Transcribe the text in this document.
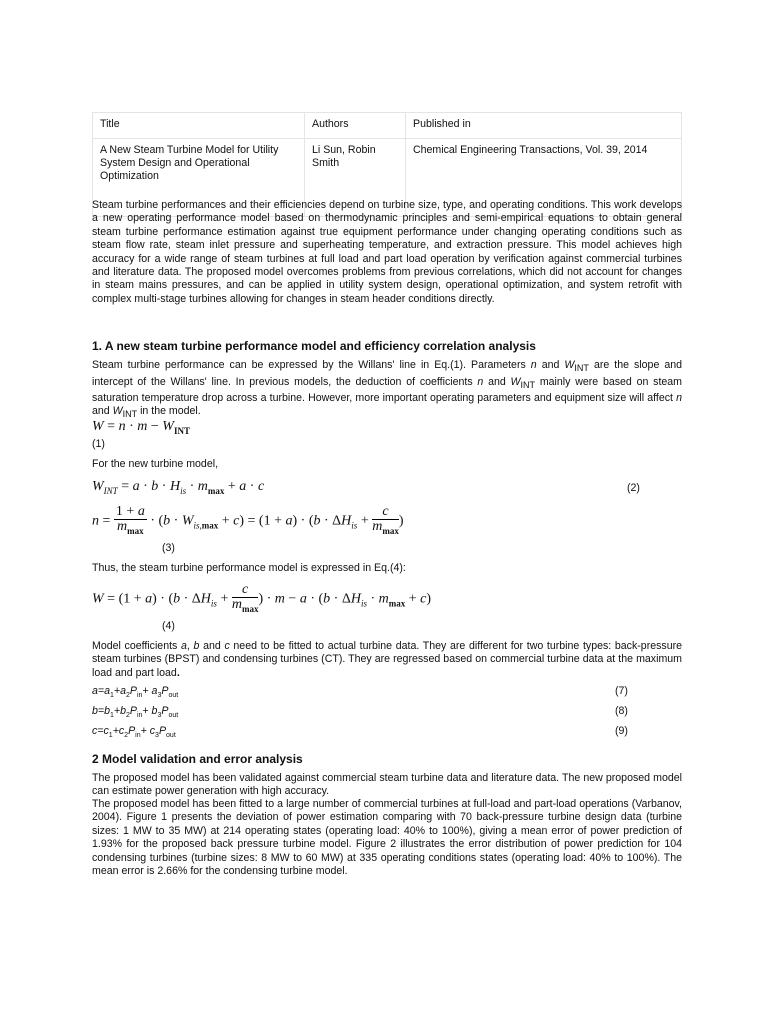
Title	Authors	Published in
A New Steam Turbine Model for Utility System Design and Operational Optimization	Li Sun, Robin Smith	Chemical Engineering Transactions, Vol. 39, 2014

Steam turbine performances and their efficiencies depend on turbine size, type, and operating conditions. This work develops a new operating performance model based on thermodynamic principles and semi-empirical equations to obtain general steam turbine performance estimation against true equipment performance under changing operating conditions such as steam flow rate, steam inlet pressure and superheating temperature, and extraction pressure. This model achieves high accuracy for a wide range of steam turbines at full load and part load operation by verification against commercial turbines and literature data. The proposed model overcomes problems from previous correlations, which did not account for changes in steam mains pressures, and can be applied in utility system design, operational optimization, and system retrofit with complex multi-stage turbines allowing for changes in steam header conditions directly.

1. A new steam turbine performance model and efficiency correlation analysis

Steam turbine performance can be expressed by the Willans' line in Eq.(1). Parameters n and $W_{INT}$ are the slope and intercept of the Willans' line. In previous models, the deduction of coefficients n and $W_{INT}$ mainly were based on steam saturation temperature drop across a turbine. However, more important operating parameters and equipment size will affect n and $W_{INT}$ in the model.

$W = n \cdot m - W_{INT}$
(1)
For the new turbine model,
$W_{INT} = a \cdot b \cdot H_{is} \cdot m_{max} + a \cdot c$	(2)
$n = \frac{1 + a}{m_{max}} \cdot (b \cdot W_{is,max} + c) = (1 + a) \cdot (b \cdot \Delta H_{is} + \frac{c}{m_{max}}$ )
(3)
Thus, the steam turbine performance model is expressed in Eq.(4):
$W = (1 + a) \cdot (b \cdot \Delta H_{is} + \frac{c}{m_{max}}$ ) · $m - a \cdot (b \cdot \Delta H_{is} \cdot m_{max} + c)$
(4)

Model coefficients a, b and c need to be fitted to actual turbine data. They are different for two turbine types: back-pressure steam turbines (BPST) and condensing turbines (CT). They are regressed based on commercial turbine data at the maximum load and part load.

$a=a_1+a_2P_{in}+ a_3P_{out}$	(7)
$b=b_1+b_2P_{in}+ b_3P_{out}$	(8)
$c=c_1+c_2P_{in}+ c_3P_{out}$	(9)

2 Model validation and error analysis

The proposed model has been validated against commercial steam turbine data and literature data. The new proposed model can estimate power generation with high accuracy.

The proposed model has been fitted to a large number of commercial turbines at full-load and part-load operations (Varbanov, 2004). Figure 1 presents the deviation of power estimation comparing with 70 back-pressure turbine design data (turbine sizes: 1 MW to 35 MW) at 214 operating states (operating load: 40% to 100%), giving a mean error of power prediction of 1.93% for the proposed back pressure turbine model. Figure 2 illustrates the error distribution of power prediction for 104 condensing turbines (turbine sizes: 8 MW to 60 MW) at 335 operating conditions states (operating load: 40% to 100%). The mean error is 2.66% for the condensing turbine model.
